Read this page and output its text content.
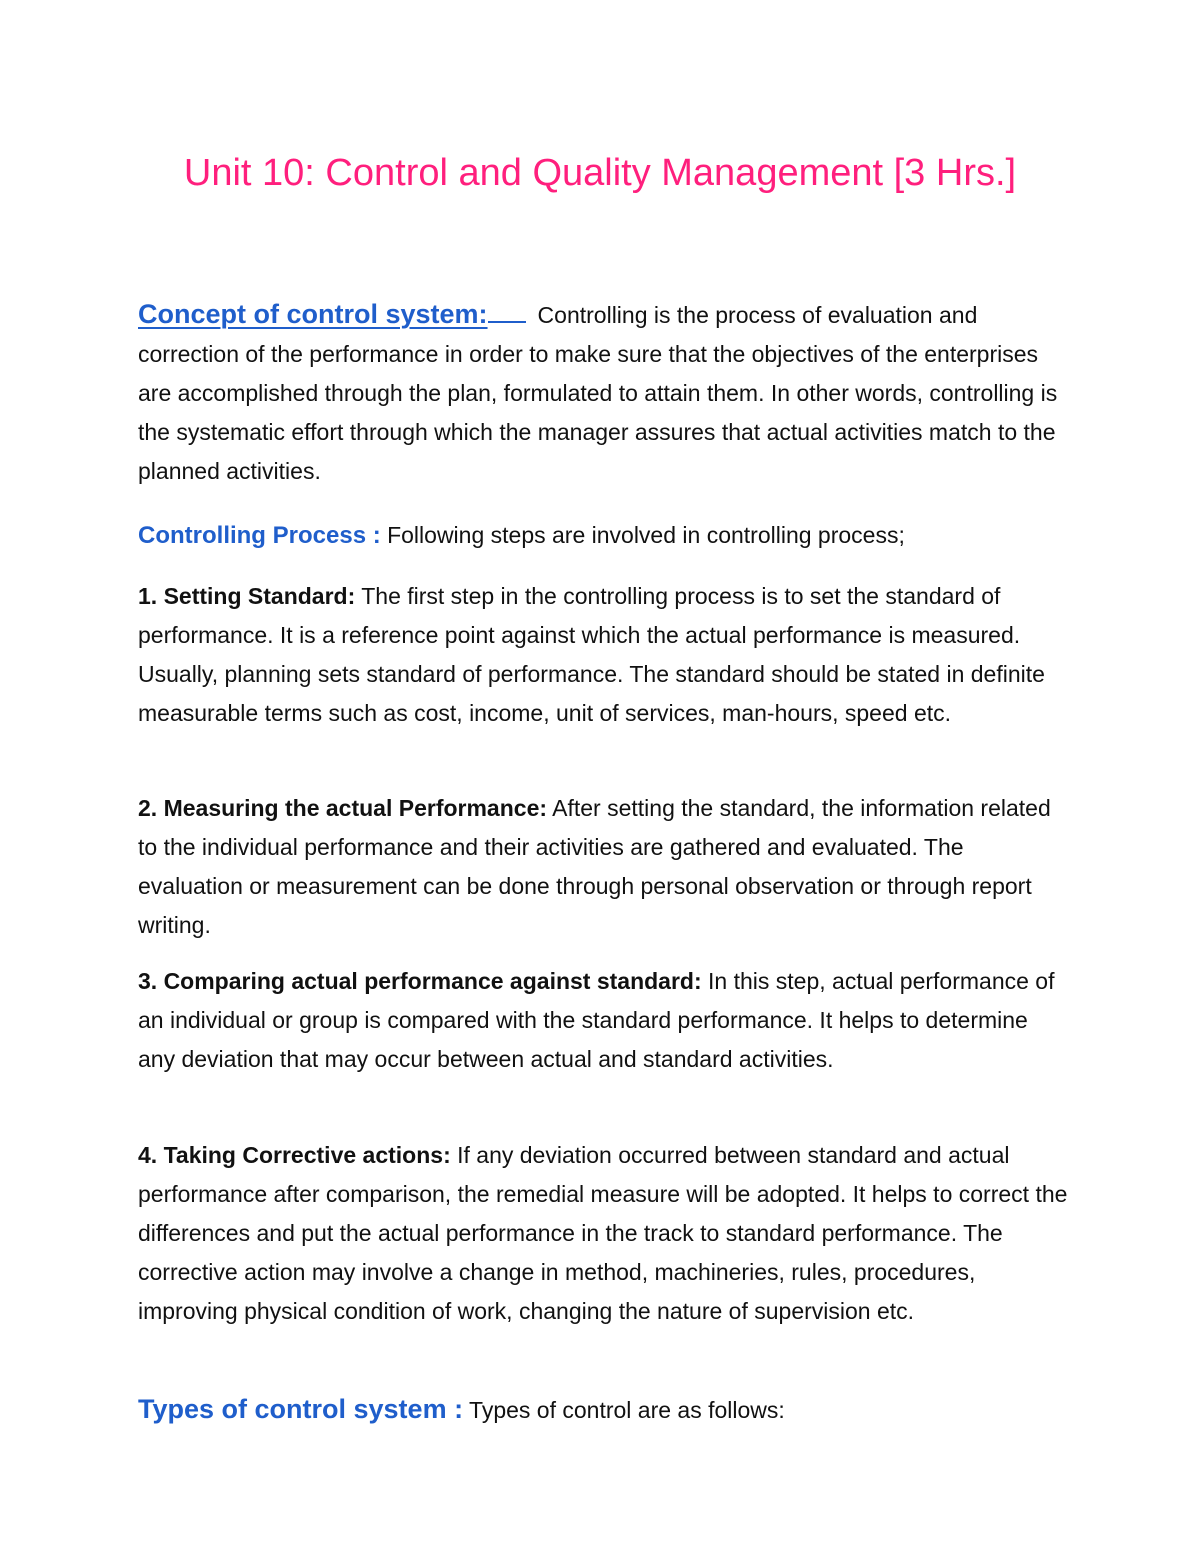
Unit 10: Control and Quality Management [3 Hrs.]
Concept of control system: Controlling is the process of evaluation and correction of the performance in order to make sure that the objectives of the enterprises are accomplished through the plan, formulated to attain them. In other words, controlling is the systematic effort through which the manager assures that actual activities match to the planned activities.
Controlling Process : Following steps are involved in controlling process;
1. Setting Standard: The first step in the controlling process is to set the standard of performance. It is a reference point against which the actual performance is measured. Usually, planning sets standard of performance. The standard should be stated in definite measurable terms such as cost, income, unit of services, man-hours, speed etc.
2. Measuring the actual Performance: After setting the standard, the information related to the individual performance and their activities are gathered and evaluated. The evaluation or measurement can be done through personal observation or through report writing.
3. Comparing actual performance against standard: In this step, actual performance of an individual or group is compared with the standard performance. It helps to determine any deviation that may occur between actual and standard activities.
4. Taking Corrective actions: If any deviation occurred between standard and actual performance after comparison, the remedial measure will be adopted. It helps to correct the differences and put the actual performance in the track to standard performance. The corrective action may involve a change in method, machineries, rules, procedures, improving physical condition of work, changing the nature of supervision etc.
Types of control system : Types of control are as follows:
